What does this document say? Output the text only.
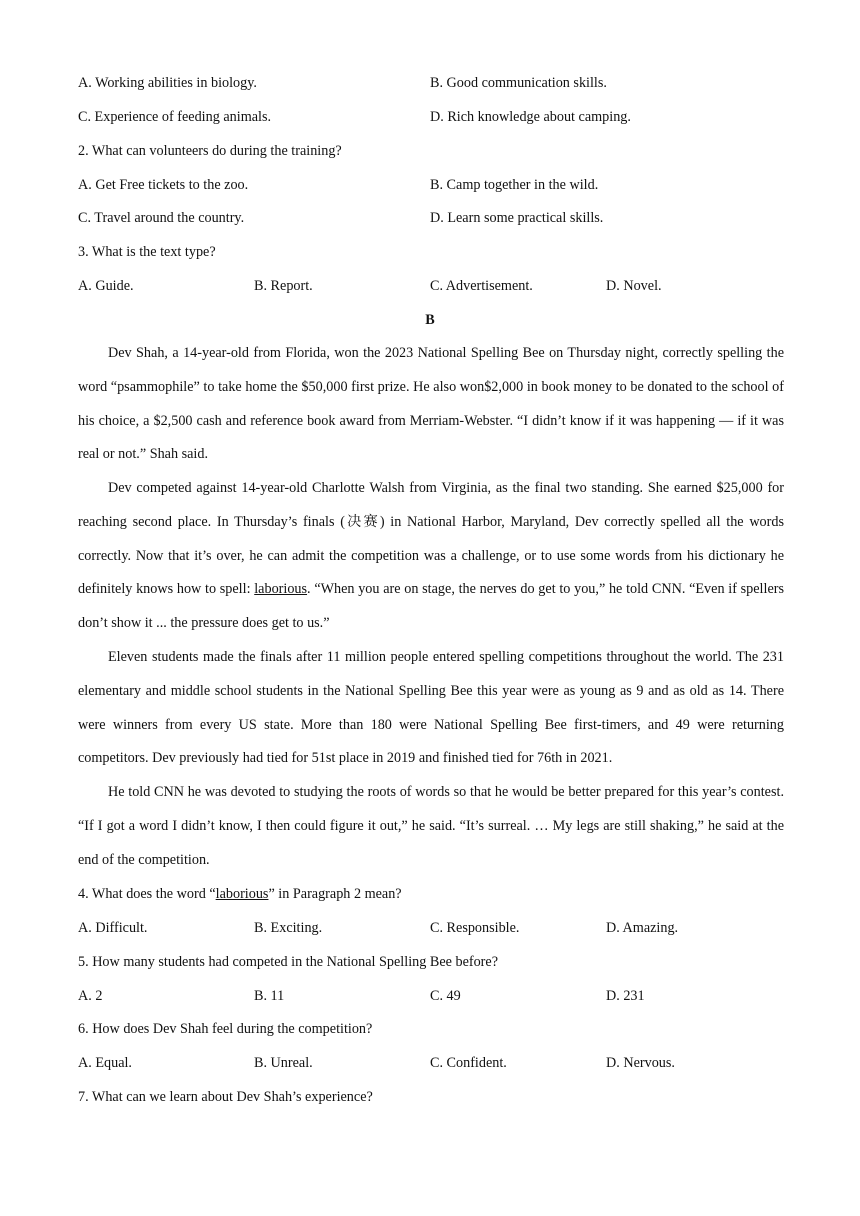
A. Working abilities in biology.	B. Good communication skills.
C. Experience of feeding animals.	D. Rich knowledge about camping.
2. What can volunteers do during the training?
A. Get Free tickets to the zoo.	B. Camp together in the wild.
C. Travel around the country.	D. Learn some practical skills.
3. What is the text type?
A. Guide.	B. Report.	C. Advertisement.	D. Novel.
B
Dev Shah, a 14-year-old from Florida, won the 2023 National Spelling Bee on Thursday night, correctly spelling the word “psammophile” to take home the $50,000 first prize. He also won$2,000 in book money to be donated to the school of his choice, a $2,500 cash and reference book award from Merriam-Webster. “I didn’t know if it was happening — if it was real or not.” Shah said.
Dev competed against 14-year-old Charlotte Walsh from Virginia, as the final two standing. She earned $25,000 for reaching second place. In Thursday’s finals (决赛) in National Harbor, Maryland, Dev correctly spelled all the words correctly. Now that it’s over, he can admit the competition was a challenge, or to use some words from his dictionary he definitely knows how to spell: laborious. “When you are on stage, the nerves do get to you,” he told CNN. “Even if spellers don’t show it ... the pressure does get to us.”
Eleven students made the finals after 11 million people entered spelling competitions throughout the world. The 231 elementary and middle school students in the National Spelling Bee this year were as young as 9 and as old as 14. There were winners from every US state. More than 180 were National Spelling Bee first-timers, and 49 were returning competitors. Dev previously had tied for 51st place in 2019 and finished tied for 76th in 2021.
He told CNN he was devoted to studying the roots of words so that he would be better prepared for this year’s contest. “If I got a word I didn’t know, I then could figure it out,” he said. “It’s surreal. … My legs are still shaking,” he said at the end of the competition.
4. What does the word “laborious” in Paragraph 2 mean?
A. Difficult.	B. Exciting.	C. Responsible.	D. Amazing.
5. How many students had competed in the National Spelling Bee before?
A. 2	B. 11	C. 49	D. 231
6. How does Dev Shah feel during the competition?
A. Equal.	B. Unreal.	C. Confident.	D. Nervous.
7. What can we learn about Dev Shah’s experience?
